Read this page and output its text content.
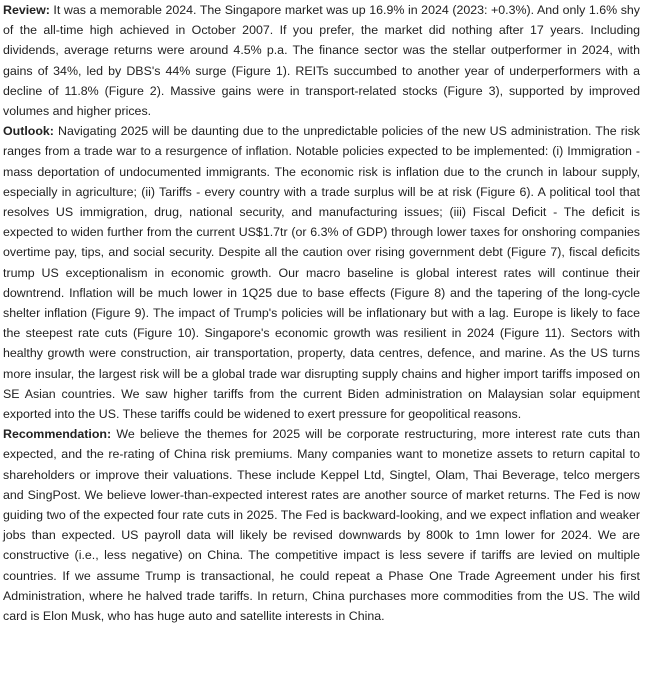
Review: It was a memorable 2024. The Singapore market was up 16.9% in 2024 (2023: +0.3%). And only 1.6% shy of the all-time high achieved in October 2007. If you prefer, the market did nothing after 17 years. Including dividends, average returns were around 4.5% p.a. The finance sector was the stellar outperformer in 2024, with gains of 34%, led by DBS's 44% surge (Figure 1). REITs succumbed to another year of underperformers with a decline of 11.8% (Figure 2). Massive gains were in transport-related stocks (Figure 3), supported by improved volumes and higher prices.

Outlook: Navigating 2025 will be daunting due to the unpredictable policies of the new US administration. The risk ranges from a trade war to a resurgence of inflation. Notable policies expected to be implemented: (i) Immigration - mass deportation of undocumented immigrants. The economic risk is inflation due to the crunch in labour supply, especially in agriculture; (ii) Tariffs - every country with a trade surplus will be at risk (Figure 6). A political tool that resolves US immigration, drug, national security, and manufacturing issues; (iii) Fiscal Deficit - The deficit is expected to widen further from the current US$1.7tr (or 6.3% of GDP) through lower taxes for onshoring companies overtime pay, tips, and social security. Despite all the caution over rising government debt (Figure 7), fiscal deficits trump US exceptionalism in economic growth. Our macro baseline is global interest rates will continue their downtrend. Inflation will be much lower in 1Q25 due to base effects (Figure 8) and the tapering of the long-cycle shelter inflation (Figure 9). The impact of Trump's policies will be inflationary but with a lag. Europe is likely to face the steepest rate cuts (Figure 10). Singapore's economic growth was resilient in 2024 (Figure 11). Sectors with healthy growth were construction, air transportation, property, data centres, defence, and marine. As the US turns more insular, the largest risk will be a global trade war disrupting supply chains and higher import tariffs imposed on SE Asian countries. We saw higher tariffs from the current Biden administration on Malaysian solar equipment exported into the US. These tariffs could be widened to exert pressure for geopolitical reasons.

Recommendation: We believe the themes for 2025 will be corporate restructuring, more interest rate cuts than expected, and the re-rating of China risk premiums. Many companies want to monetize assets to return capital to shareholders or improve their valuations. These include Keppel Ltd, Singtel, Olam, Thai Beverage, telco mergers and SingPost. We believe lower-than-expected interest rates are another source of market returns. The Fed is now guiding two of the expected four rate cuts in 2025. The Fed is backward-looking, and we expect inflation and weaker jobs than expected. US payroll data will likely be revised downwards by 800k to 1mn lower for 2024. We are constructive (i.e., less negative) on China. The competitive impact is less severe if tariffs are levied on multiple countries. If we assume Trump is transactional, he could repeat a Phase One Trade Agreement under his first Administration, where he halved trade tariffs. In return, China purchases more commodities from the US. The wild card is Elon Musk, who has huge auto and satellite interests in China.
